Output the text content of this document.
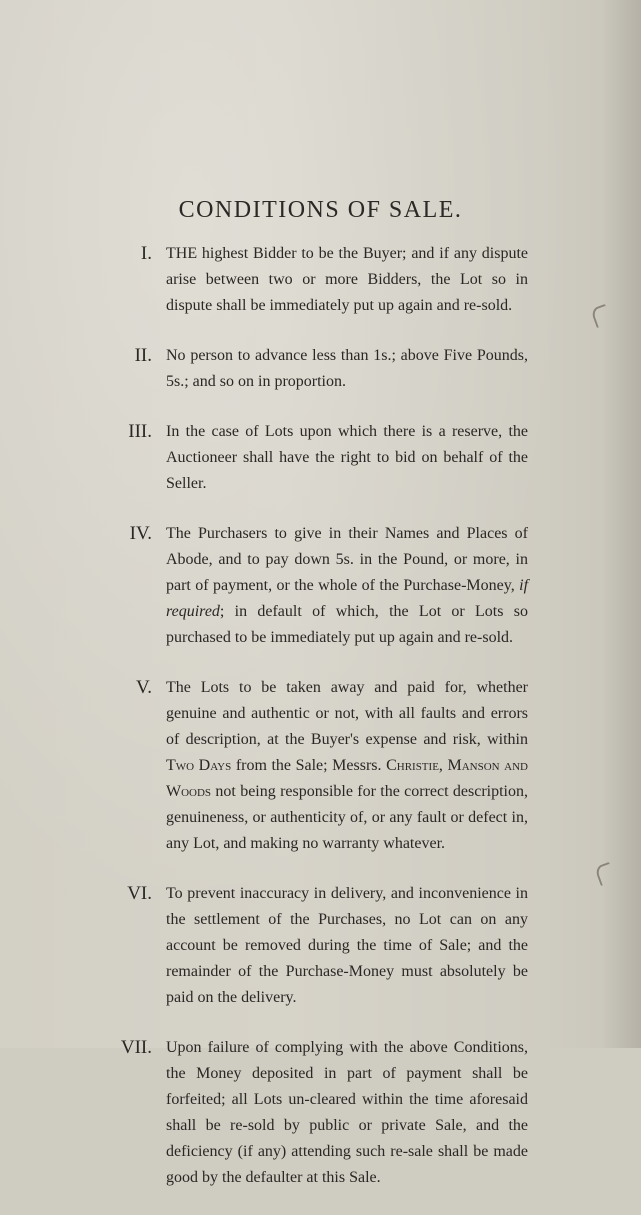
CONDITIONS OF SALE.
I. THE highest Bidder to be the Buyer; and if any dispute arise between two or more Bidders, the Lot so in dispute shall be immediately put up again and re-sold.
II. No person to advance less than 1s.; above Five Pounds, 5s.; and so on in proportion.
III. In the case of Lots upon which there is a reserve, the Auctioneer shall have the right to bid on behalf of the Seller.
IV. The Purchasers to give in their Names and Places of Abode, and to pay down 5s. in the Pound, or more, in part of payment, or the whole of the Purchase-Money, if required; in default of which, the Lot or Lots so purchased to be immediately put up again and re-sold.
V. The Lots to be taken away and paid for, whether genuine and authentic or not, with all faults and errors of description, at the Buyer's expense and risk, within Two Days from the Sale; Messrs. Christie, Manson and Woods not being responsible for the correct description, genuineness, or authenticity of, or any fault or defect in, any Lot, and making no warranty whatever.
VI. To prevent inaccuracy in delivery, and inconvenience in the settlement of the Purchases, no Lot can on any account be removed during the time of Sale; and the remainder of the Purchase-Money must absolutely be paid on the delivery.
VII. Upon failure of complying with the above Conditions, the Money deposited in part of payment shall be forfeited; all Lots un-cleared within the time aforesaid shall be re-sold by public or private Sale, and the deficiency (if any) attending such re-sale shall be made good by the defaulter at this Sale.
